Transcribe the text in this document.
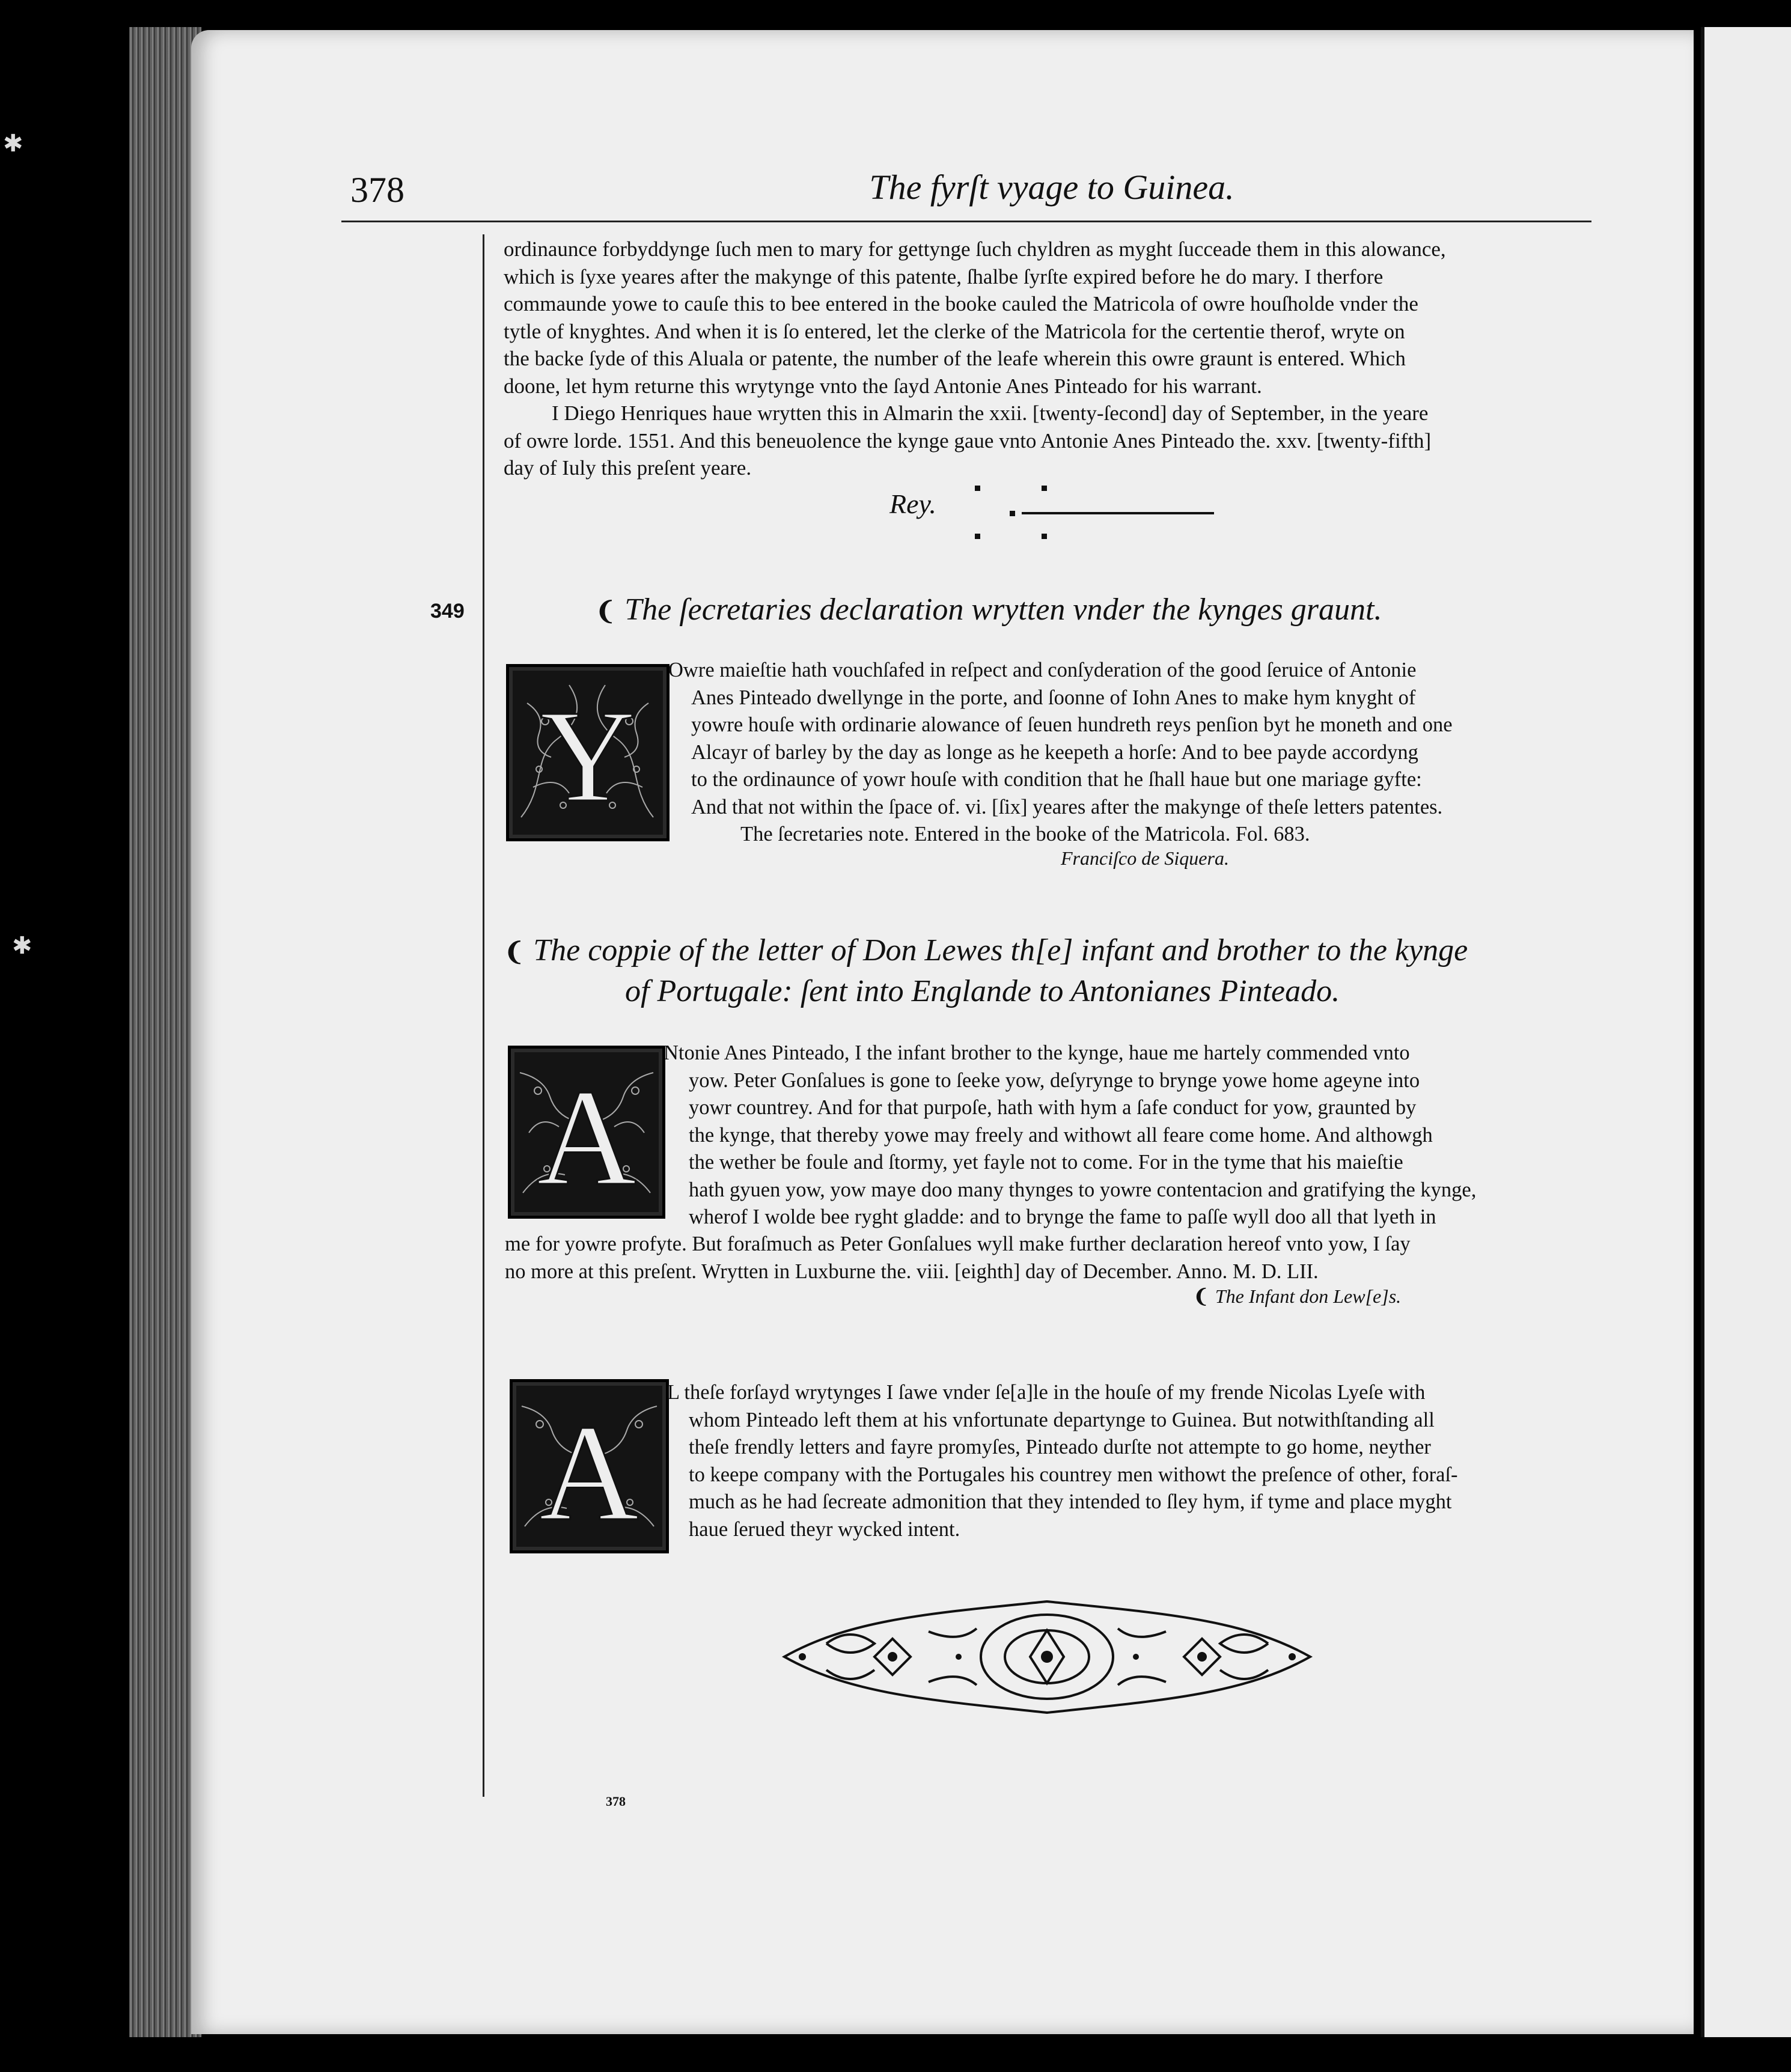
✱
✱
378	The fyrſt vyage to Guinea.
349
ordinaunce forbyddynge ſuch men to mary for gettynge ſuch chyldren as myght ſucceade them in this alowance,
which is ſyxe yeares after the makynge of this patente, ſhalbe ſyrſte expired before he do mary. I therfore
commaunde yowe to cauſe this to bee entered in the booke cauled the Matricola of owre houſholde vnder the
tytle of knyghtes. And when it is ſo entered, let the clerke of the Matricola for the certentie therof, wryte on
the backe ſyde of this Aluala or patente, the number of the leafe wherein this owre graunt is entered. Which
doone, let hym returne this wrytynge vnto the ſayd Antonie Anes Pinteado for his warrant.
I Diego Henriques haue wrytten this in Almarin the xxii. [twenty-ſecond] day of September, in the yeare
of owre lorde. 1551. And this beneuolence the kynge gaue vnto Antonie Anes Pinteado the. xxv. [twenty-fifth]
day of Iuly this preſent yeare.
Rey.
❨ The ſecretaries declaration wrytten vnder the kynges graunt.
Y
Owre maieſtie hath vouchſafed in reſpect and conſyderation of the good ſeruice of Antonie
Anes Pinteado dwellynge in the porte, and ſoonne of Iohn Anes to make hym knyght of
yowre houſe with ordinarie alowance of ſeuen hundreth reys penſion byt he moneth and one
Alcayr of barley by the day as longe as he keepeth a horſe: And to bee payde accordyng
to the ordinaunce of yowr houſe with condition that he ſhall haue but one mariage gyfte:
And that not within the ſpace of. vi. [ſix] yeares after the makynge of theſe letters patentes.
The ſecretaries note. Entered in the booke of the Matricola. Fol. 683.
Franciſco de Siquera.
❨ The coppie of the letter of Don Lewes th[e] infant and brother to the kynge
of Portugale: ſent into Englande to Antonianes Pinteado.
A
Ntonie Anes Pinteado, I the infant brother to the kynge, haue me hartely commended vnto
yow. Peter Gonſalues is gone to ſeeke yow, deſyrynge to brynge yowe home ageyne into
yowr countrey. And for that purpoſe, hath with hym a ſafe conduct for yow, graunted by
the kynge, that thereby yowe may freely and withowt all feare come home. And althowgh
the wether be foule and ſtormy, yet fayle not to come. For in the tyme that his maieſtie
hath gyuen yow, yow maye doo many thynges to yowre contentacion and gratifying the kynge,
wherof I wolde bee ryght gladde: and to brynge the fame to paſſe wyll doo all that lyeth in
me for yowre profyte. But foraſmuch as Peter Gonſalues wyll make further declaration hereof vnto yow, I ſay
no more at this preſent. Wrytten in Luxburne the. viii. [eighth] day of December. Anno. M. D. LII.
❨ The Infant don Lew[e]s.
A
L theſe forſayd wrytynges I ſawe vnder ſe[a]le in the houſe of my frende Nicolas Lyeſe with
whom Pinteado left them at his vnfortunate departynge to Guinea. But notwithſtanding all
theſe frendly letters and fayre promyſes, Pinteado durſte not attempte to go home, neyther
to keepe company with the Portugales his countrey men withowt the preſence of other, foraſ-
much as he had ſecreate admonition that they intended to ſley hym, if tyme and place myght
haue ſerued theyr wycked intent.
378
